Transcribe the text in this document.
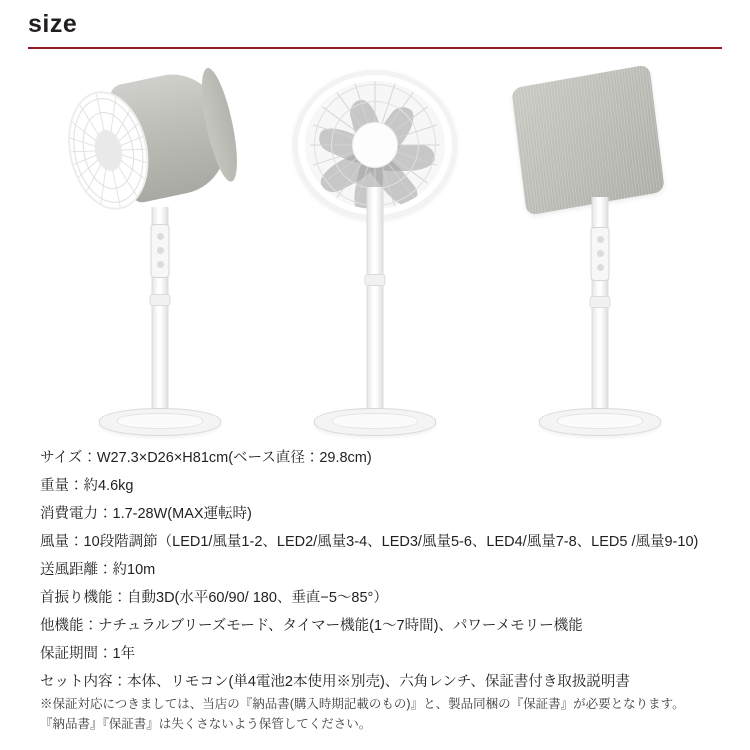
size
サイズ：W27.3×D26×H81cm(ベース直径：29.8cm)
重量：約4.6kg
消費電力：1.7-28W(MAX運転時)
風量：10段階調節（LED1/風量1-2、LED2/風量3-4、LED3/風量5-6、LED4/風量7-8、LED5 /風量9-10)
送風距離：約10m
首振り機能：自動3D(水平60/90/ 180、垂直−5〜85°）
他機能：ナチュラルブリーズモード、タイマー機能(1〜7時間)、パワーメモリー機能
保証期間：1年
セット内容：本体、リモコン(単4電池2本使用※別売)、六角レンチ、保証書付き取扱説明書
※保証対応につきましては、当店の『納品書(購入時期記載のもの)』と、製品同梱の『保証書』が必要となります。
『納品書』『保証書』は失くさないよう保管してください。
